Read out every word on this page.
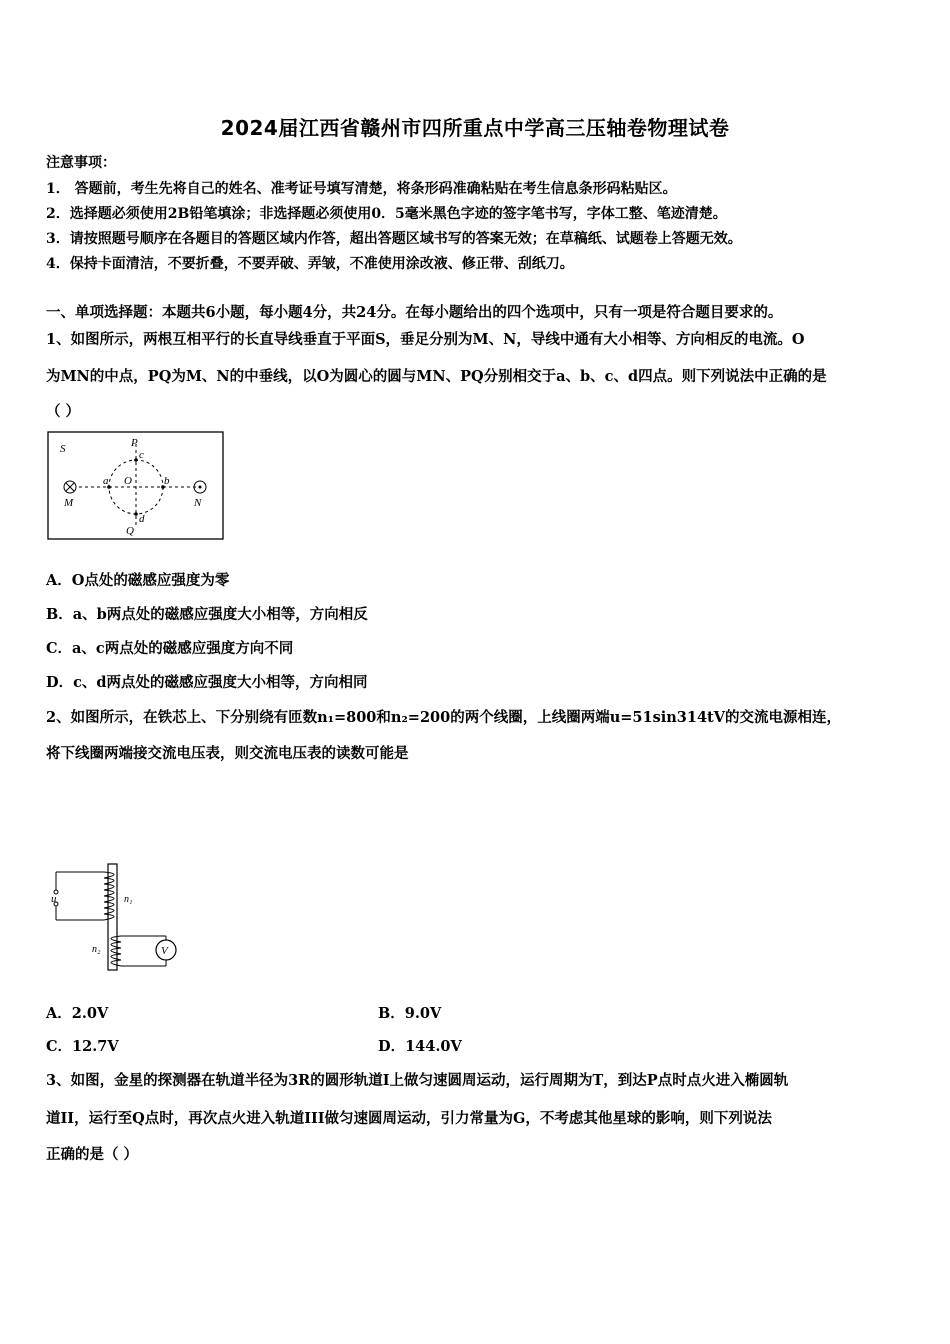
2024届江西省赣州市四所重点中学高三压轴卷物理试卷
注意事项：
1． 答题前，考生先将自己的姓名、准考证号填写清楚，将条形码准确粘贴在考生信息条形码粘贴区。
2．选择题必须使用2B铅笔填涂；非选择题必须使用0．5毫米黑色字迹的签字笔书写，字体工整、笔迹清楚。
3．请按照题号顺序在各题目的答题区域内作答，超出答题区域书写的答案无效；在草稿纸、试题卷上答题无效。
4．保持卡面清洁，不要折叠，不要弄破、弄皱，不准使用涂改液、修正带、刮纸刀。
一、单项选择题：本题共6小题，每小题4分，共24分。在每小题给出的四个选项中，只有一项是符合题目要求的。
1、如图所示，两根互相平行的长直导线垂直于平面S，垂足分别为M、N，导线中通有大小相等、方向相反的电流。O
为MN的中点，PQ为M、N的中垂线，以O为圆心的圆与MN、PQ分别相交于a、b、c、d四点。则下列说法中正确的是
（ ）
S	P
c
a O	b
M	N
d
Q
A．O点处的磁感应强度为零
B．a、b两点处的磁感应强度大小相等，方向相反
C．a、c两点处的磁感应强度方向不同
D．c、d两点处的磁感应强度大小相等，方向相同
2、如图所示，在铁芯上、下分别绕有匝数n₁=800和n₂=200的两个线圈，上线圈两端u=51sin314tV的交流电源相连，
将下线圈两端接交流电压表，则交流电压表的读数可能是
u	n₁
n₂	V
A．2.0V	B．9.0V
C．12.7V	D．144.0V
3、如图，金星的探测器在轨道半径为3R的圆形轨道I上做匀速圆周运动，运行周期为T，到达P点时点火进入椭圆轨
道II，运行至Q点时，再次点火进入轨道III做匀速圆周运动，引力常量为G，不考虑其他星球的影响，则下列说法
正确的是（ ）
